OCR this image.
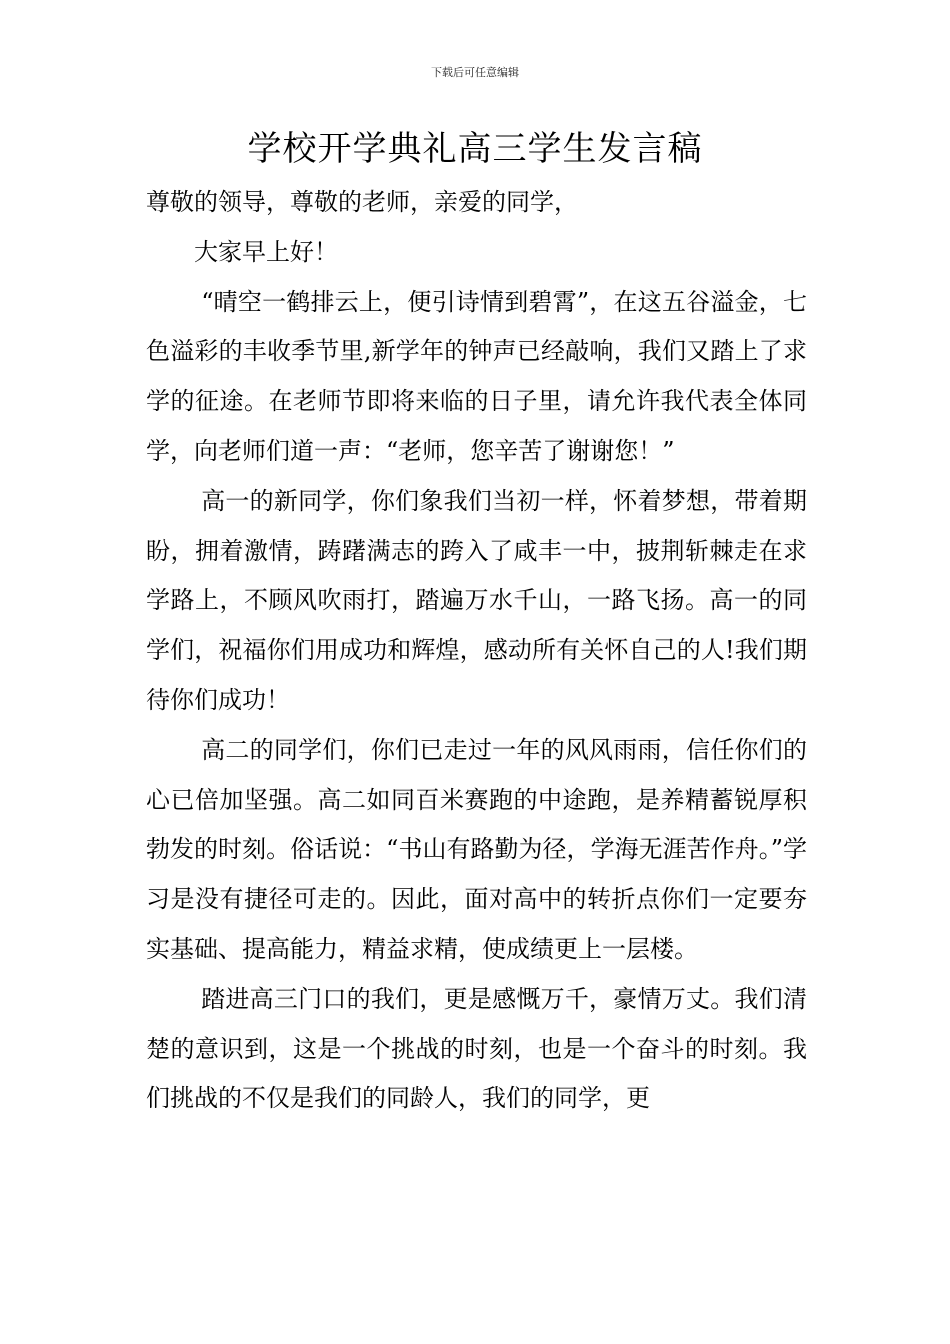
下载后可任意编辑
学校开学典礼高三学生发言稿

尊敬的领导，尊敬的老师，亲爱的同学，

大家早上好！

“晴空一鹤排云上，便引诗情到碧霄”，在这五谷溢金，七色溢彩的丰收季节里,新学年的钟声已经敲响，我们又踏上了求学的征途。在老师节即将来临的日子里，请允许我代表全体同学，向老师们道一声：“老师，您辛苦了谢谢您！”

高一的新同学，你们象我们当初一样，怀着梦想，带着期盼，拥着激情，踌躇满志的跨入了咸丰一中，披荆斩棘走在求学路上，不顾风吹雨打，踏遍万水千山，一路飞扬。高一的同学们，祝福你们用成功和辉煌，感动所有关怀自己的人!我们期待你们成功！

高二的同学们，你们已走过一年的风风雨雨，信任你们的心已倍加坚强。高二如同百米赛跑的中途跑，是养精蓄锐厚积勃发的时刻。俗话说：“书山有路勤为径，学海无涯苦作舟。”学习是没有捷径可走的。因此，面对高中的转折点你们一定要夯实基础、提高能力，精益求精，使成绩更上一层楼。

踏进高三门口的我们，更是感慨万千，豪情万丈。我们清楚的意识到，这是一个挑战的时刻，也是一个奋斗的时刻。我们挑战的不仅是我们的同龄人，我们的同学，更
